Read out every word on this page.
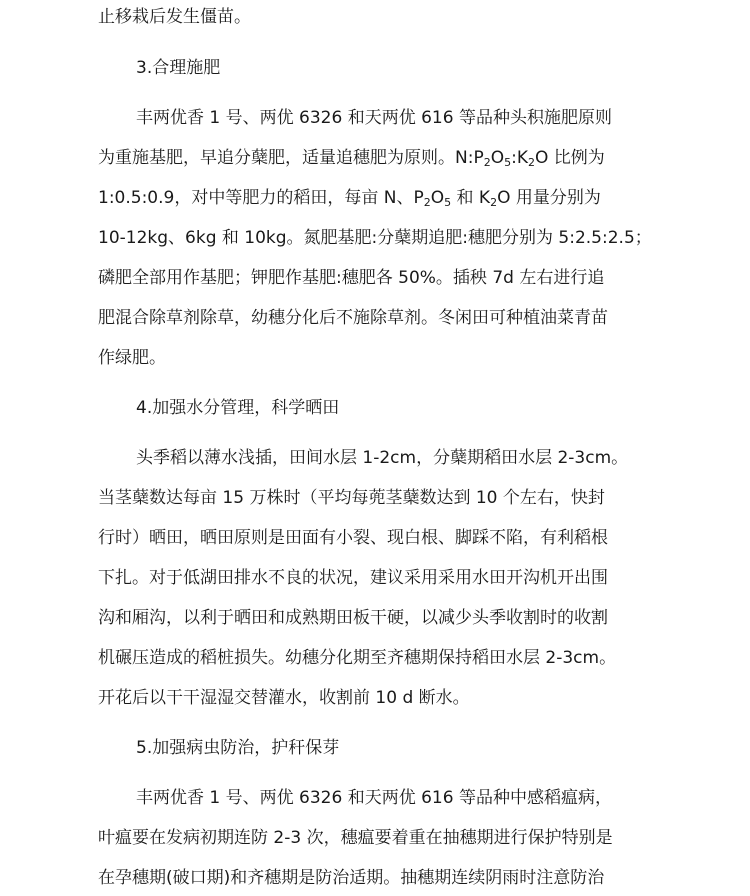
止移栽后发生僵苗。
3.合理施肥
丰两优香 1 号、两优 6326 和天两优 616 等品种头积施肥原则
为重施基肥，早追分蘖肥，适量追穗肥为原则。$N:P_2O_5:K_2O$ 比例为
1:0.5:0.9，对中等肥力的稻田，每亩 N、$P_2O_5$ 和 $K_2O$ 用量分别为
10-12kg、6kg 和 10kg。氮肥基肥:分蘖期追肥:穗肥分别为 5:2.5:2.5；
磷肥全部用作基肥；钾肥作基肥:穗肥各 50%。插秧 7d 左右进行追
肥混合除草剂除草，幼穗分化后不施除草剂。冬闲田可种植油菜青苗
作绿肥。
4.加强水分管理，科学晒田
头季稻以薄水浅插，田间水层 1-2cm，分蘖期稻田水层 2-3cm。
当茎蘖数达每亩 15 万株时（平均每蔸茎蘖数达到 10 个左右，快封
行时）晒田，晒田原则是田面有小裂、现白根、脚踩不陷，有利稻根
下扎。对于低湖田排水不良的状况，建议采用采用水田开沟机开出围
沟和厢沟，以利于晒田和成熟期田板干硬，以减少头季收割时的收割
机碾压造成的稻桩损失。幼穗分化期至齐穗期保持稻田水层 2-3cm。
开花后以干干湿湿交替灌水，收割前 10 d 断水。
5.加强病虫防治，护秆保芽
丰两优香 1 号、两优 6326 和天两优 616 等品种中感稻瘟病，
叶瘟要在发病初期连防 2-3 次，穗瘟要着重在抽穗期进行保护特别是
在孕穗期(破口期)和齐穗期是防治适期。抽穗期连续阴雨时注意防治
